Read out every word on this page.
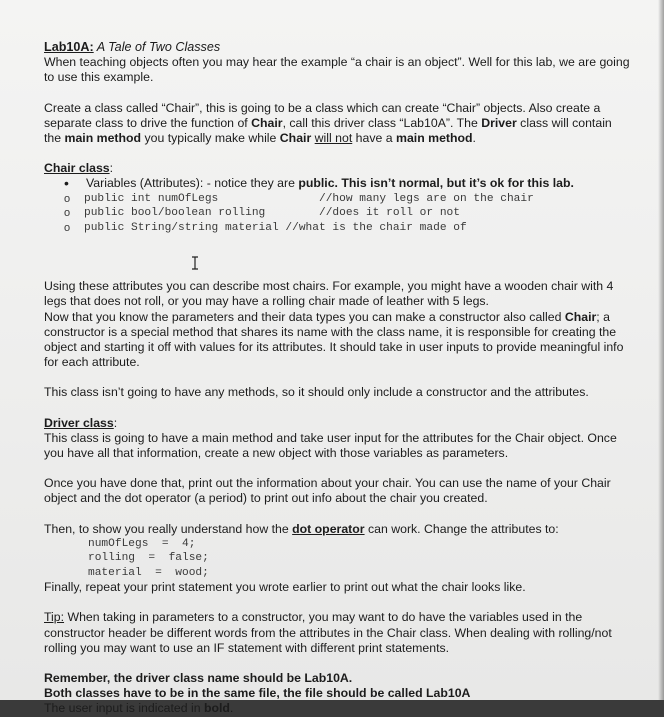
Lab10A: A Tale of Two Classes

When teaching objects often you may hear the example “a chair is an object”. Well for this lab, we are going to use this example.

Create a class called “Chair”, this is going to be a class which can create “Chair” objects. Also create a separate class to drive the function of Chair, call this driver class “Lab10A”. The Driver class will contain the main method you typically make while Chair will not have a main method.

Chair class:

• Variables (Attributes): - notice they are public. This isn’t normal, but it’s ok for this lab.
o public int numOfLegs               //how many legs are on the chair
o public bool/boolean rolling        //does it roll or not
o public String/string material //what is the chair made of

Using these attributes you can describe most chairs. For example, you might have a wooden chair with 4 legs that does not roll, or you may have a rolling chair made of leather with 5 legs.
Now that you know the parameters and their data types you can make a constructor also called Chair; a constructor is a special method that shares its name with the class name, it is responsible for creating the object and starting it off with values for its attributes. It should take in user inputs to provide meaningful info for each attribute.

This class isn’t going to have any methods, so it should only include a constructor and the attributes.

Driver class:

This class is going to have a main method and take user input for the attributes for the Chair object. Once you have all that information, create a new object with those variables as parameters.

Once you have done that, print out the information about your chair. You can use the name of your Chair object and the dot operator (a period) to print out info about the chair you created.

Then, to show you really understand how the dot operator can work. Change the attributes to:

numOfLegs  =  4;
rolling  =  false;
material  =  wood;

Finally, repeat your print statement you wrote earlier to print out what the chair looks like.

Tip: When taking in parameters to a constructor, you may want to do have the variables used in the constructor header be different words from the attributes in the Chair class. When dealing with rolling/not rolling you may want to use an IF statement with different print statements.

Remember, the driver class name should be Lab10A.
Both classes have to be in the same file, the file should be called Lab10A
The user input is indicated in bold.
